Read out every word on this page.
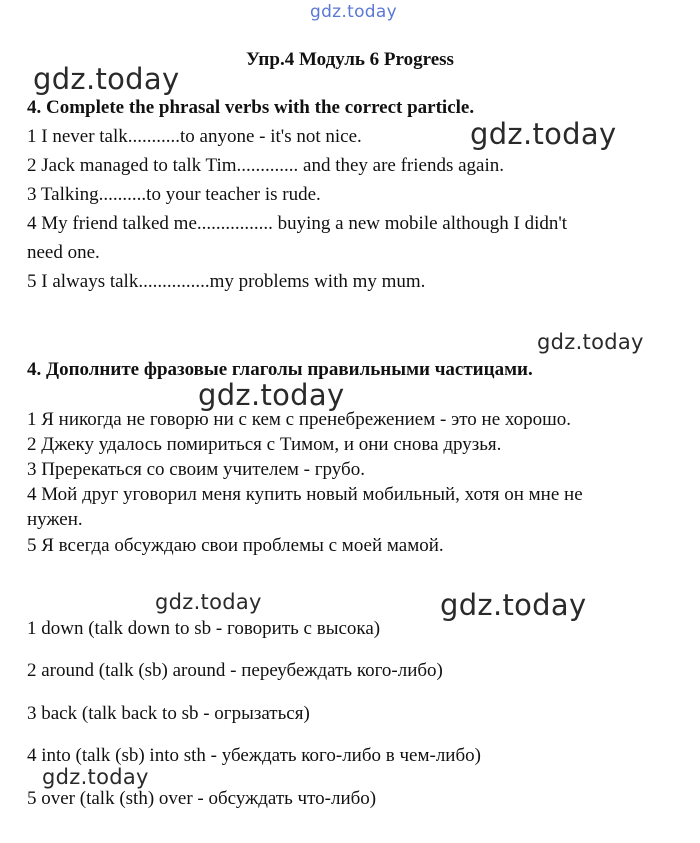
gdz.today
gdz.today
gdz.today
gdz.today
gdz.today
gdz.today	gdz.today
gdz.today
Упр.4 Модуль 6 Progress
4. Complete the phrasal verbs with the correct particle.
1 I never talk...........to anyone - it's not nice.
2 Jack managed to talk Tim............. and they are friends again.
3 Talking..........to your teacher is rude.
4 My friend talked me................ buying a new mobile although I didn't
need one.
5 I always talk...............my problems with my mum.
4. Дополните фразовые глаголы правильными частицами.
1 Я никогда не говорю ни с кем с пренебрежением - это не хорошо.
2 Джеку удалось помириться с Тимом, и они снова друзья.
3 Пререкаться со своим учителем - грубо.
4 Мой друг уговорил меня купить новый мобильный, хотя он мне не
нужен.
5 Я всегда обсуждаю свои проблемы с моей мамой.
1 down (talk down to sb - говорить с высока)
2 around (talk (sb) around - переубеждать кого-либо)
3 back (talk back to sb - огрызаться)
4 into (talk (sb) into sth - убеждать кого-либо в чем-либо)
5 over (talk (sth) over - обсуждать что-либо)
